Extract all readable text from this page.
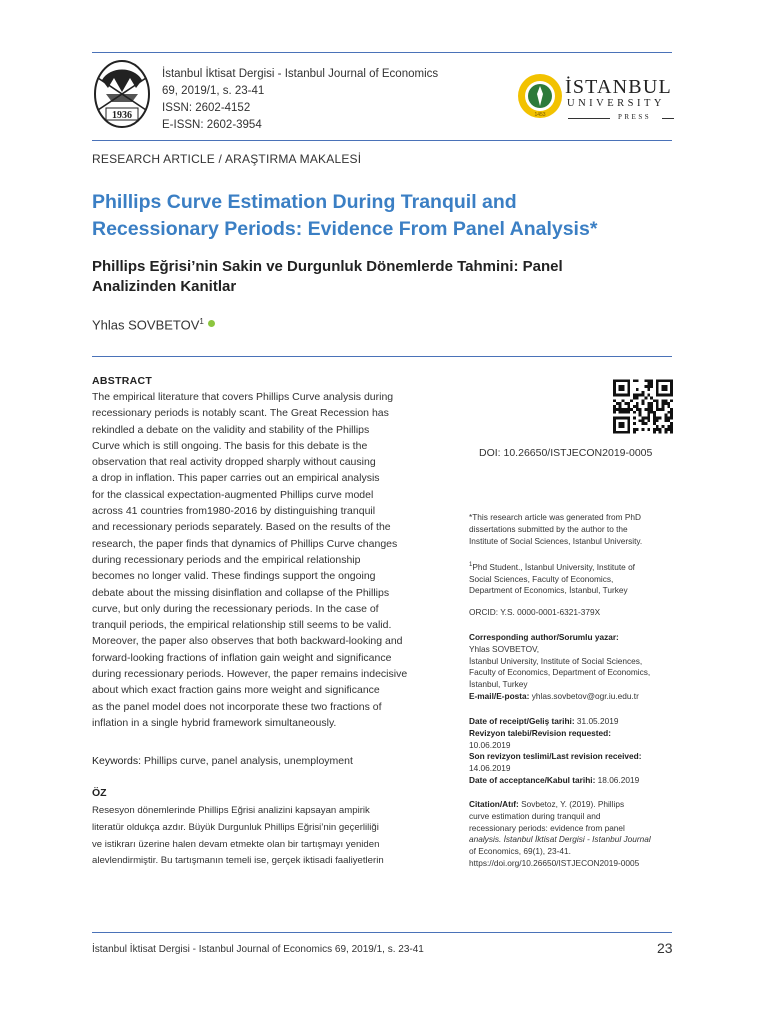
1936
İstanbul İktisat Dergisi - Istanbul Journal of Economics
69, 2019/1, s. 23-41
ISSN: 2602-4152
E-ISSN: 2602-3954
1453
İSTANBUL
UNIVERSITY
PRESS
RESEARCH ARTICLE / ARAŞTIRMA MAKALESİ
Phillips Curve Estimation During Tranquil and
Recessionary Periods: Evidence From Panel Analysis*
Phillips Eğrisi’nin Sakin ve Durgunluk Dönemlerde Tahmini: Panel
Analizinden Kanitlar
Yhlas SOVBETOV$^1$
ABSTRACT
The empirical literature that covers Phillips Curve analysis during
recessionary periods is notably scant. The Great Recession has
rekindled a debate on the validity and stability of the Phillips
Curve which is still ongoing. The basis for this debate is the
observation that real activity dropped sharply without causing
a drop in inflation. This paper carries out an empirical analysis
for the classical expectation-augmented Phillips curve model
across 41 countries from1980-2016 by distinguishing tranquil
and recessionary periods separately. Based on the results of the
research, the paper finds that dynamics of Phillips Curve changes
during recessionary periods and the empirical relationship
becomes no longer valid. These findings support the ongoing
debate about the missing disinflation and collapse of the Phillips
curve, but only during the recessionary periods. In the case of
tranquil periods, the empirical relationship still seems to be valid.
Moreover, the paper also observes that both backward-looking and
forward-looking fractions of inflation gain weight and significance
during recessionary periods. However, the paper remains indecisive
about which exact fraction gains more weight and significance
as the panel model does not incorporate these two fractions of
inflation in a single hybrid framework simultaneously.
Keywords: Phillips curve, panel analysis, unemployment
ÖZ
Resesyon dönemlerinde Phillips Eğrisi analizini kapsayan ampirik
literatür oldukça azdır. Büyük Durgunluk Phillips Eğrisi’nin geçerliliği
ve istikrarı üzerine halen devam etmekte olan bir tartışmayı yeniden
alevlendirmiştir. Bu tartışmanın temeli ise, gerçek iktisadi faaliyetlerin
DOI: 10.26650/ISTJECON2019-0005
*This research article was generated from PhD
dissertations submitted by the author to the
Institute of Social Sciences, Istanbul University.
$^1$Phd Student., İstanbul University, Institute of
Social Sciences, Faculty of Economics,
Department of Economics, İstanbul, Turkey
ORCID: Y.S. 0000-0001-6321-379X
Corresponding author/Sorumlu yazar:
Yhlas SOVBETOV,
İstanbul University, Institute of Social Sciences,
Faculty of Economics, Department of Economics,
İstanbul, Turkey
E-mail/E-posta: yhlas.sovbetov@ogr.iu.edu.tr
Date of receipt/Geliş tarihi: 31.05.2019
Revizyon talebi/Revision requested:
10.06.2019
Son revizyon teslimi/Last revision received:
14.06.2019
Date of acceptance/Kabul tarihi: 18.06.2019
Citation/Atıf: Sovbetoz, Y. (2019). Phillips
curve estimation during tranquil and
recessionary periods: evidence from panel
analysis. İstanbul İktisat Dergisi - Istanbul Journal
of Economics, 69(1), 23-41.
https://doi.org/10.26650/ISTJECON2019-0005
İstanbul İktisat Dergisi - Istanbul Journal of Economics 69, 2019/1, s. 23-41	23
